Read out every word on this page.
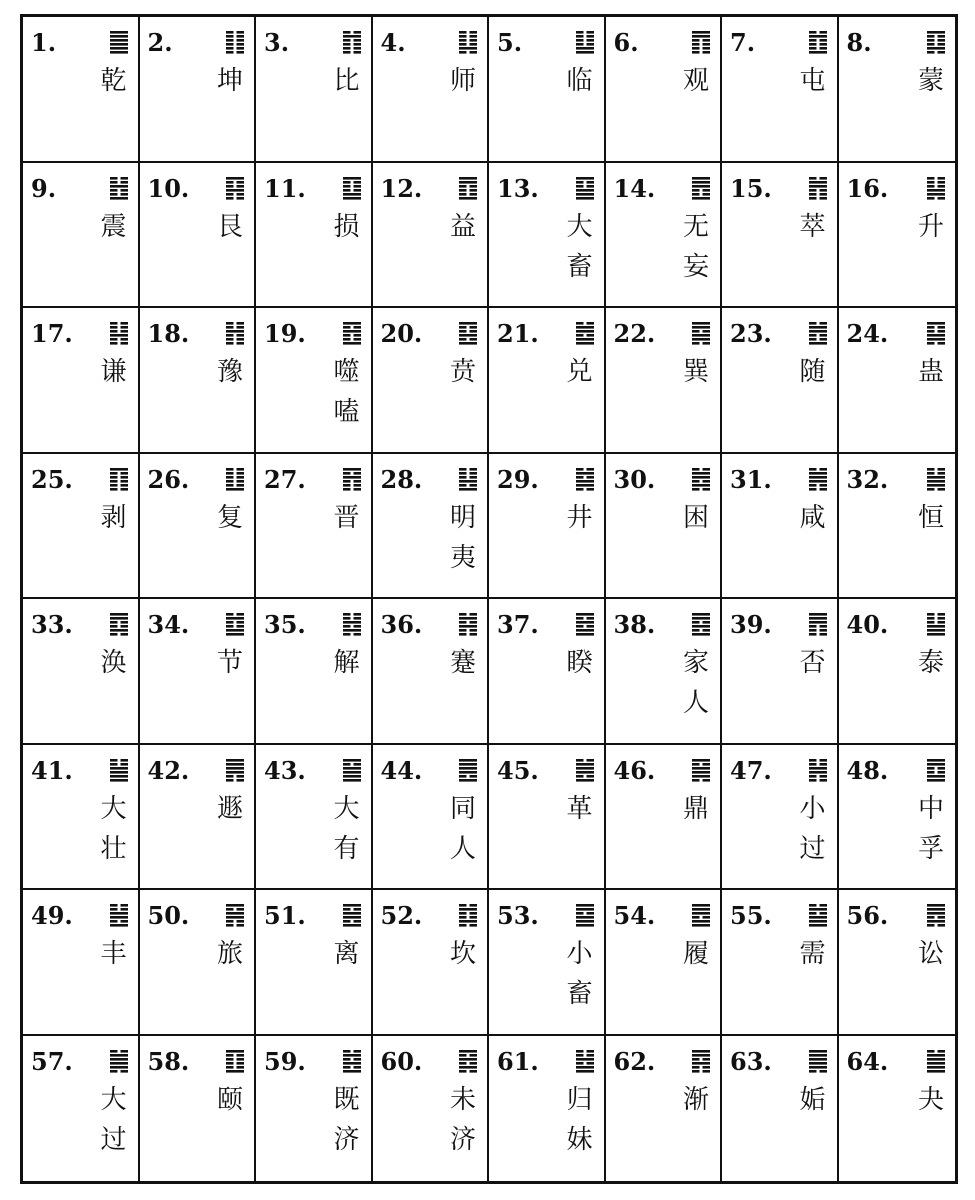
1.
乾
2.
坤
3.
比
4.
师
5.
临
6.
观
7.
屯
8.
蒙
9.
震
10.
艮
11.
损
12.
益
13.
大畜
14.
无妄
15.
萃
16.
升
17.
谦
18.
豫
19.
噬嗑
20.
贲
21.
兑
22.
巽
23.
随
24.
蛊
25.
剥
26.
复
27.
晋
28.
明夷
29.
井
30.
困
31.
咸
32.
恒
33.
涣
34.
节
35.
解
36.
蹇
37.
睽
38.
家人
39.
否
40.
泰
41.
大壮
42.
遯
43.
大有
44.
同人
45.
革
46.
鼎
47.
小过
48.
中孚
49.
丰
50.
旅
51.
离
52.
坎
53.
小畜
54.
履
55.
需
56.
讼
57.
大过
58.
颐
59.
既济
60.
未济
61.
归妹
62.
渐
63.
姤
64.
夬
